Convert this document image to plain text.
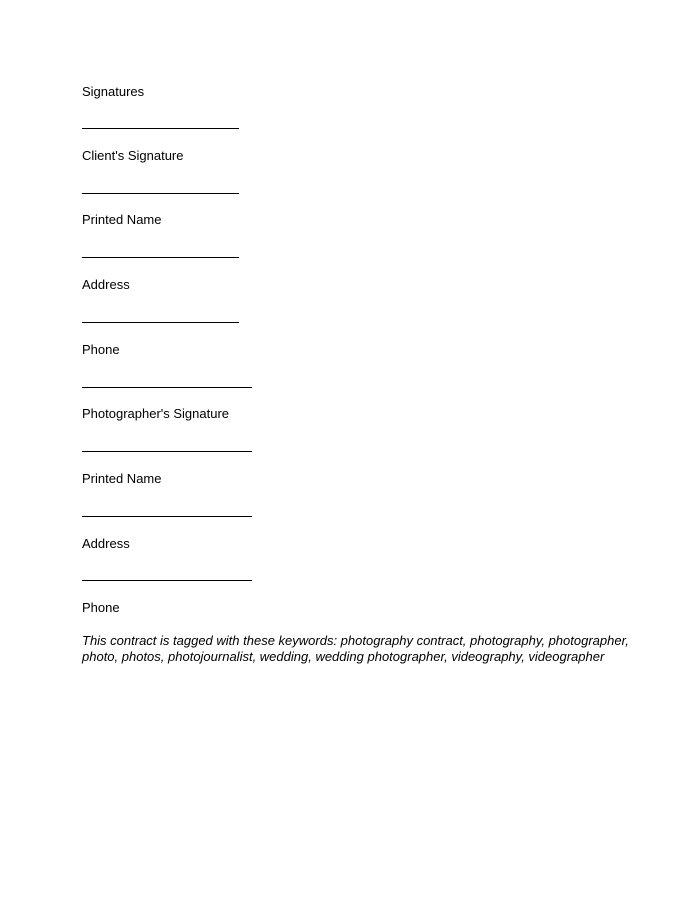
Signatures
Client's Signature
Printed Name
Address
Phone
Photographer's Signature
Printed Name
Address
Phone
This contract is tagged with these keywords: photography contract, photography, photographer, photo, photos, photojournalist, wedding, wedding photographer, videography, videographer
